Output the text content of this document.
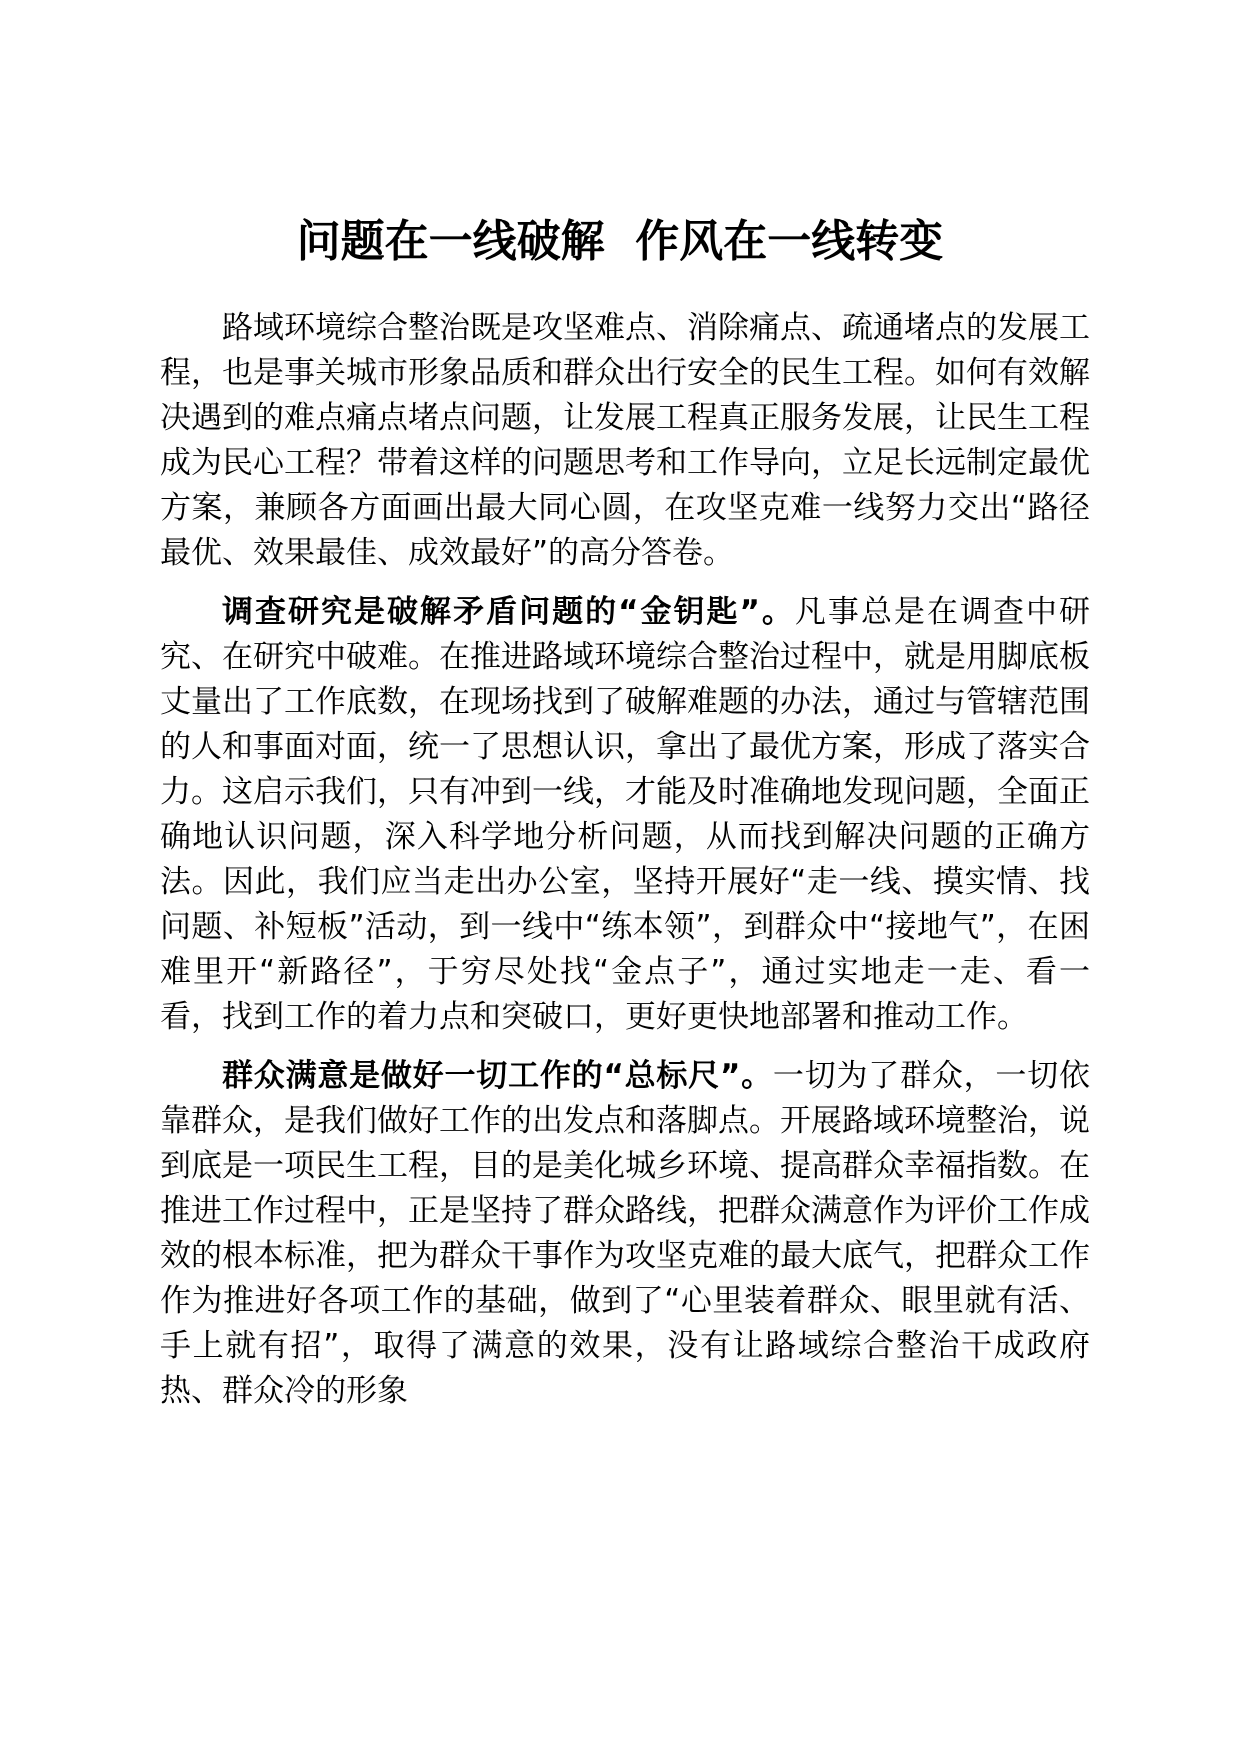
问题在一线破解  作风在一线转变

路域环境综合整治既是攻坚难点、消除痛点、疏通堵点的发展工程，也是事关城市形象品质和群众出行安全的民生工程。如何有效解决遇到的难点痛点堵点问题，让发展工程真正服务发展，让民生工程成为民心工程？带着这样的问题思考和工作导向，立足长远制定最优方案，兼顾各方面画出最大同心圆，在攻坚克难一线努力交出“路径最优、效果最佳、成效最好”的高分答卷。

调查研究是破解矛盾问题的“金钥匙”。凡事总是在调查中研究、在研究中破难。在推进路域环境综合整治过程中，就是用脚底板丈量出了工作底数，在现场找到了破解难题的办法，通过与管辖范围的人和事面对面，统一了思想认识，拿出了最优方案，形成了落实合力。这启示我们，只有冲到一线，才能及时准确地发现问题，全面正确地认识问题，深入科学地分析问题，从而找到解决问题的正确方法。因此，我们应当走出办公室，坚持开展好“走一线、摸实情、找问题、补短板”活动，到一线中“练本领”，到群众中“接地气”，在困难里开“新路径”，于穷尽处找“金点子”，通过实地走一走、看一看，找到工作的着力点和突破口，更好更快地部署和推动工作。

群众满意是做好一切工作的“总标尺”。一切为了群众，一切依靠群众，是我们做好工作的出发点和落脚点。开展路域环境整治，说到底是一项民生工程，目的是美化城乡环境、提高群众幸福指数。在推进工作过程中，正是坚持了群众路线，把群众满意作为评价工作成效的根本标准，把为群众干事作为攻坚克难的最大底气，把群众工作作为推进好各项工作的基础，做到了“心里装着群众、眼里就有活、手上就有招”，取得了满意的效果，没有让路域综合整治干成政府热、群众冷的形象
